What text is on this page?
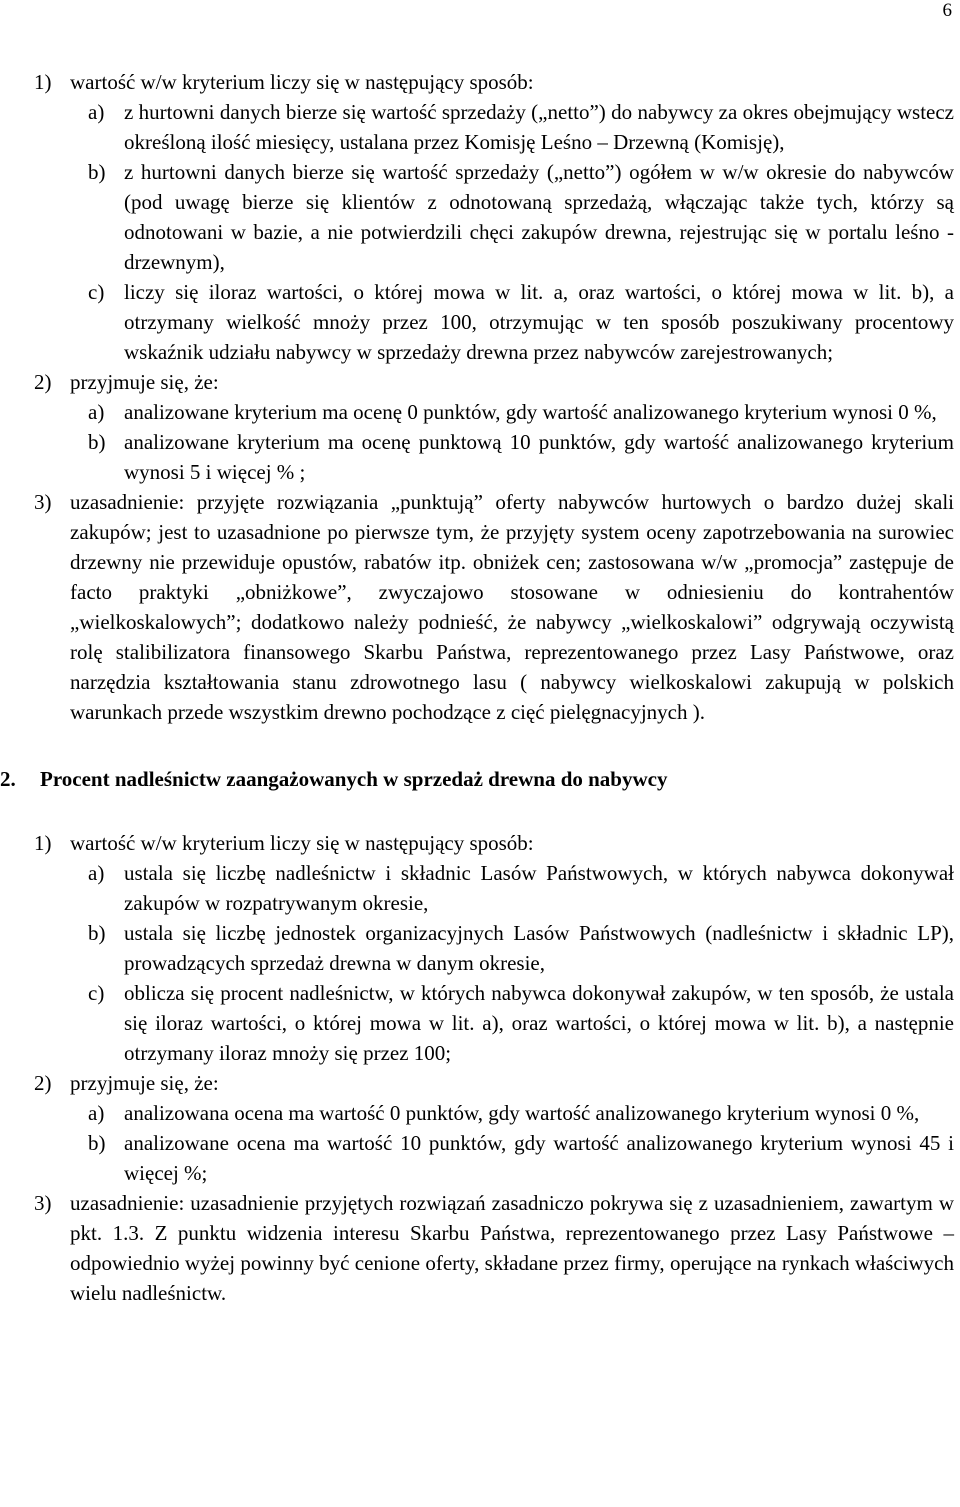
6
1) wartość w/w kryterium liczy się w następujący sposób:
a) z hurtowni danych bierze się wartość sprzedaży („netto”) do nabywcy za okres obejmujący wstecz określoną ilość miesięcy, ustalana przez Komisję Leśno – Drzewną (Komisję),
b) z hurtowni danych bierze się wartość sprzedaży („netto”) ogółem w w/w okresie do nabywców (pod uwagę bierze się klientów z odnotowaną sprzedażą, włączając także tych, którzy są odnotowani w bazie, a nie potwierdzili chęci zakupów drewna, rejestrując się w portalu leśno - drzewnym),
c) liczy się iloraz wartości, o której mowa w lit. a, oraz wartości, o której mowa w lit. b), a otrzymany wielkość mnoży przez 100, otrzymując w ten sposób poszukiwany procentowy wskaźnik udziału nabywcy w sprzedaży drewna przez nabywców zarejestrowanych;
2) przyjmuje się, że:
a) analizowane kryterium ma ocenę 0 punktów, gdy wartość analizowanego kryterium wynosi 0 %,
b) analizowane kryterium ma ocenę punktową 10 punktów, gdy wartość analizowanego kryterium wynosi 5 i więcej % ;
3) uzasadnienie: przyjęte rozwiązania „punktują” oferty nabywców hurtowych o bardzo dużej skali zakupów; jest to uzasadnione po pierwsze tym, że przyjęty system oceny zapotrzebowania na surowiec drzewny nie przewiduje opustów, rabatów itp. obniżek cen; zastosowana w/w „promocja” zastępuje de facto praktyki „obniżkowe”, zwyczajowo stosowane w odniesieniu do kontrahentów „wielkoskalowych”; dodatkowo należy podnieść, że nabywcy „wielkoskalowi” odgrywają oczywistą rolę stalibilizatora finansowego Skarbu Państwa, reprezentowanego przez Lasy Państwowe, oraz narzędzia kształtowania stanu zdrowotnego lasu ( nabywcy wielkoskalowi zakupują w polskich warunkach przede wszystkim drewno pochodzące z cięć pielęgnacyjnych ).
2. Procent nadleśnictw zaangażowanych w sprzedaż drewna do nabywcy
1) wartość w/w kryterium liczy się w następujący sposób:
a) ustala się liczbę nadleśnictw i składnic Lasów Państwowych, w których nabywca dokonywał zakupów w rozpatrywanym okresie,
b) ustala się liczbę jednostek organizacyjnych Lasów Państwowych (nadleśnictw i składnic LP), prowadzących sprzedaż drewna w danym okresie,
c) oblicza się procent nadleśnictw, w których nabywca dokonywał zakupów, w ten sposób, że ustala się iloraz wartości, o której mowa w lit. a), oraz wartości, o której mowa w lit. b), a następnie otrzymany iloraz mnoży się przez 100;
2) przyjmuje się, że:
a) analizowana ocena ma wartość 0 punktów, gdy wartość analizowanego kryterium wynosi 0 %,
b) analizowane ocena ma wartość 10 punktów, gdy wartość analizowanego kryterium wynosi 45 i więcej %;
3) uzasadnienie: uzasadnienie przyjętych rozwiązań zasadniczo pokrywa się z uzasadnieniem, zawartym w pkt. 1.3. Z punktu widzenia interesu Skarbu Państwa, reprezentowanego przez Lasy Państwowe – odpowiednio wyżej powinny być cenione oferty, składane przez firmy, operujące na rynkach właściwych wielu nadleśnictw.
